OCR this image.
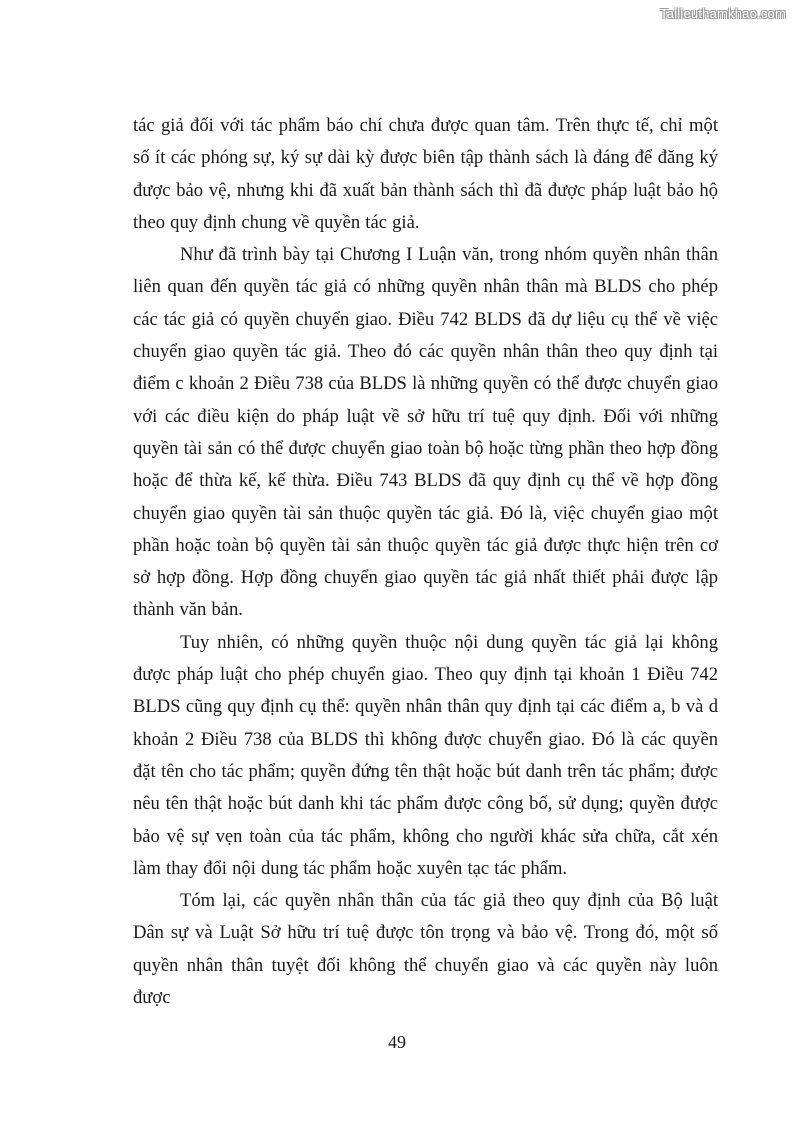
Tailieuthamkhao.com

tác giả đối với tác phẩm báo chí chưa được quan tâm. Trên thực tế, chỉ một số ít các phóng sự, ký sự dài kỳ được biên tập thành sách là đáng để đăng ký được bảo vệ, nhưng khi đã xuất bản thành sách thì đã được pháp luật bảo hộ theo quy định chung về quyền tác giả.

Như đã trình bày tại Chương I Luận văn, trong nhóm quyền nhân thân liên quan đến quyền tác giả có những quyền nhân thân mà BLDS cho phép các tác giả có quyền chuyển giao. Điều 742 BLDS đã dự liệu cụ thể về việc chuyển giao quyền tác giả. Theo đó các quyền nhân thân theo quy định tại điểm c khoản 2 Điều 738 của BLDS là những quyền có thể được chuyển giao với các điều kiện do pháp luật về sở hữu trí tuệ quy định. Đối với những quyền tài sản có thể được chuyển giao toàn bộ hoặc từng phần theo hợp đồng hoặc để thừa kế, kế thừa. Điều 743 BLDS đã quy định cụ thể về hợp đồng chuyển giao quyền tài sản thuộc quyền tác giả. Đó là, việc chuyển giao một phần hoặc toàn bộ quyền tài sản thuộc quyền tác giả được thực hiện trên cơ sở hợp đồng. Hợp đồng chuyển giao quyền tác giả nhất thiết phải được lập thành văn bản.

Tuy nhiên, có những quyền thuộc nội dung quyền tác giả lại không được pháp luật cho phép chuyển giao. Theo quy định tại khoản 1 Điều 742 BLDS cũng quy định cụ thể: quyền nhân thân quy định tại các điểm a, b và d khoản 2 Điều 738 của BLDS thì không được chuyển giao. Đó là các quyền đặt tên cho tác phẩm; quyền đứng tên thật hoặc bút danh trên tác phẩm; được nêu tên thật hoặc bút danh khi tác phẩm được công bố, sử dụng; quyền được bảo vệ sự vẹn toàn của tác phẩm, không cho người khác sửa chữa, cắt xén làm thay đổi nội dung tác phẩm hoặc xuyên tạc tác phẩm.

Tóm lại, các quyền nhân thân của tác giả theo quy định của Bộ luật Dân sự và Luật Sở hữu trí tuệ được tôn trọng và bảo vệ. Trong đó, một số quyền nhân thân tuyệt đối không thể chuyển giao và các quyền này luôn được

49
